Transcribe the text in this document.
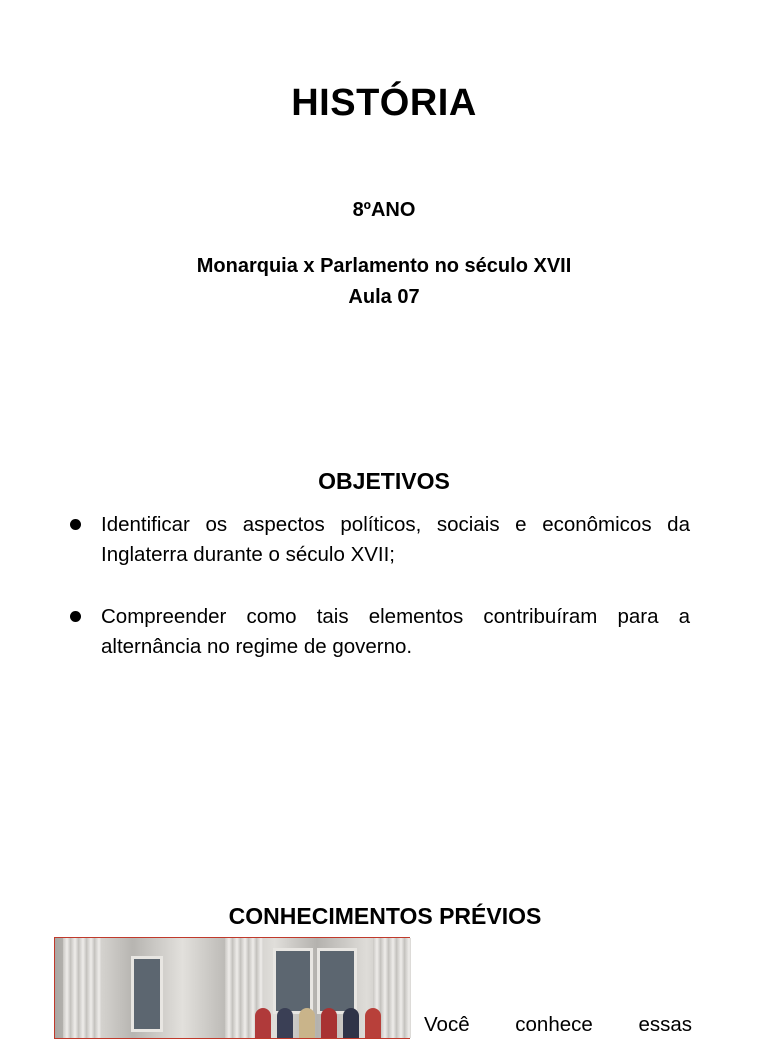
HISTÓRIA
8ºANO
Monarquia x Parlamento no século XVII
Aula 07
OBJETIVOS
Identificar os aspectos políticos, sociais e econômicos da Inglaterra durante o século XVII;
Compreender como tais elementos contribuíram para a alternância no regime de governo.
CONHECIMENTOS PRÉVIOS
Você conhece essas
